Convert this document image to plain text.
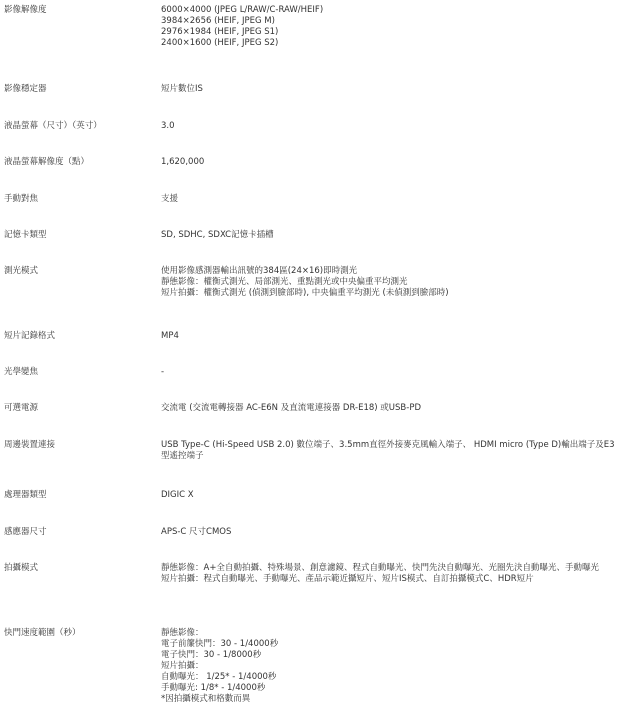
影像解像度	6000×4000 (JPEG L/RAW/C-RAW/HEIF)
3984×2656 (HEIF, JPEG M)
2976×1984 (HEIF, JPEG S1)
2400×1600 (HEIF, JPEG S2)
影像穩定器	短片數位IS
液晶螢幕（尺寸）（英寸）	3.0
液晶螢幕解像度（點）	1,620,000
手動對焦	支援
記憶卡類型	SD, SDHC, SDXC記憶卡插槽
測光模式	使用影像感測器輸出訊號的384區(24×16)即時測光
靜態影像：權衡式測光、局部測光、重點測光或中央偏重平均測光
短片拍攝：權衡式測光 (偵測到臉部時), 中央偏重平均測光 (未偵測到臉部時)
短片記錄格式	MP4
光學變焦	-
可選電源	交流電 (交流電轉接器 AC-E6N 及直流電連接器 DR-E18) 或USB-PD
周邊裝置連接	USB Type-C (Hi-Speed USB 2.0) 數位端子、3.5mm直徑外接麥克風輸入端子、 HDMI micro (Type D)輸出端子及E3型遙控端子
處理器類型	DIGIC X
感應器尺寸	APS-C 尺寸CMOS
拍攝模式	靜態影像：A+全自動拍攝、特殊場景、創意濾鏡、程式自動曝光、快門先決自動曝光、光圈先決自動曝光、手動曝光
短片拍攝：程式自動曝光、手動曝光、產品示範近攝短片、短片IS模式、自訂拍攝模式C、HDR短片
快門速度範圍（秒）	靜態影像：
電子前簾快門：30 - 1/4000秒
電子快門：30 - 1/8000秒
短片拍攝：
自動曝光： 1/25* - 1/4000秒
手動曝光: 1/8* - 1/4000秒
*因拍攝模式和格數而異
